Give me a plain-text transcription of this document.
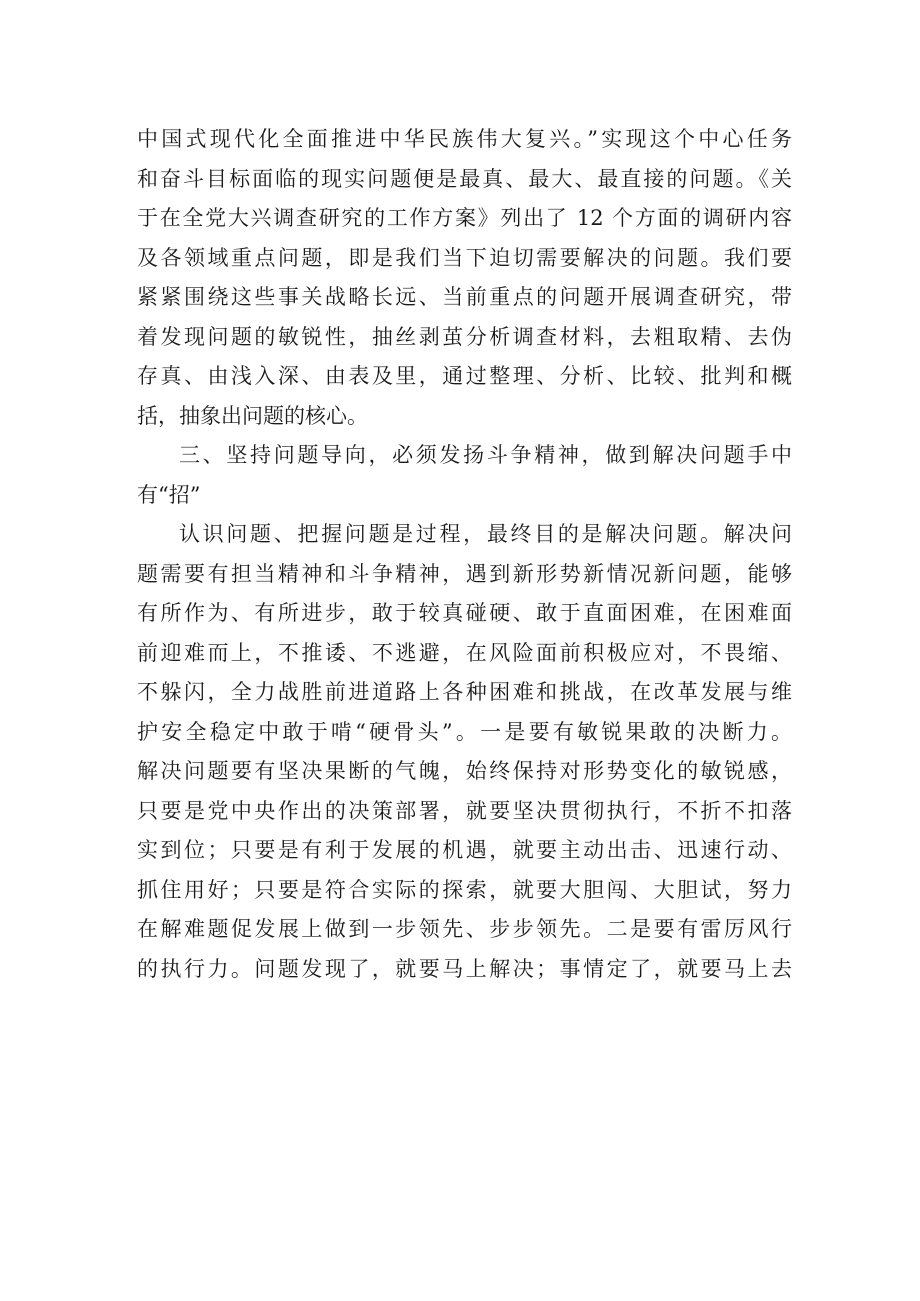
中国式现代化全面推进中华民族伟大复兴。”实现这个中心任务
和奋斗目标面临的现实问题便是最真、最大、最直接的问题。《关
于在全党大兴调查研究的工作方案》列出了 12 个方面的调研内容
及各领域重点问题，即是我们当下迫切需要解决的问题。我们要
紧紧围绕这些事关战略长远、当前重点的问题开展调查研究，带
着发现问题的敏锐性，抽丝剥茧分析调查材料，去粗取精、去伪
存真、由浅入深、由表及里，通过整理、分析、比较、批判和概
括，抽象出问题的核心。

三、坚持问题导向，必须发扬斗争精神，做到解决问题手中
有“招”

认识问题、把握问题是过程，最终目的是解决问题。解决问
题需要有担当精神和斗争精神，遇到新形势新情况新问题，能够
有所作为、有所进步，敢于较真碰硬、敢于直面困难，在困难面
前迎难而上，不推诿、不逃避，在风险面前积极应对，不畏缩、
不躲闪，全力战胜前进道路上各种困难和挑战，在改革发展与维
护安全稳定中敢于啃“硬骨头”。一是要有敏锐果敢的决断力。
解决问题要有坚决果断的气魄，始终保持对形势变化的敏锐感，
只要是党中央作出的决策部署，就要坚决贯彻执行，不折不扣落
实到位；只要是有利于发展的机遇，就要主动出击、迅速行动、
抓住用好；只要是符合实际的探索，就要大胆闯、大胆试，努力
在解难题促发展上做到一步领先、步步领先。二是要有雷厉风行
的执行力。问题发现了，就要马上解决；事情定了，就要马上去
